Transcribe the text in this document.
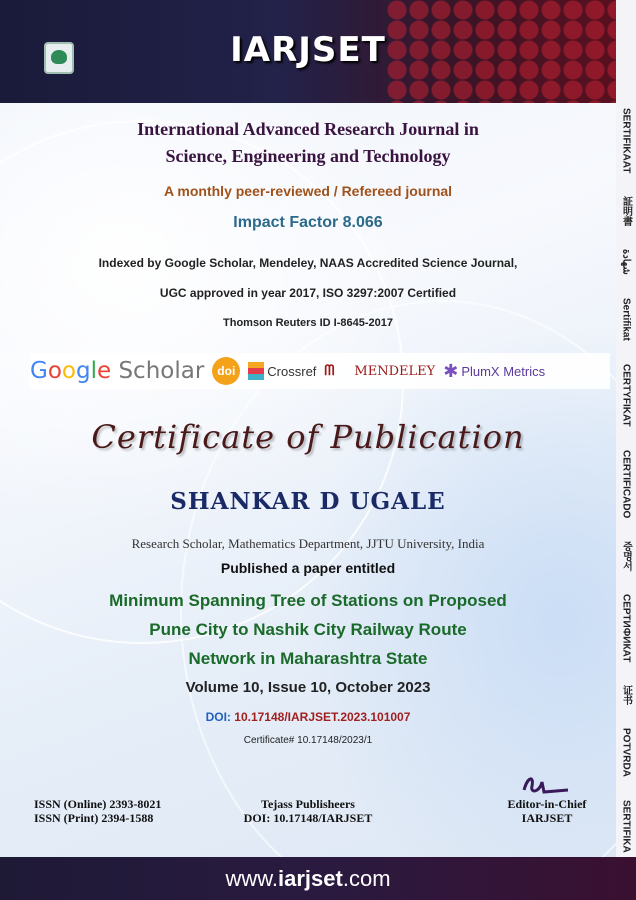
IARJSET
SERTIFIKAAT
証明書
شهادة
Sertifikat
CERTYFIKAT
CERTIFICADO
증명서
СЕРТИФИКАТ
证书
POTVRDA
SERTIFIKA
International Advanced Research Journal in
Science, Engineering and Technology
A monthly peer-reviewed / Refereed journal
Impact Factor 8.066
Indexed by Google Scholar, Mendeley, NAAS Accredited Science Journal,
UGC approved in year 2017, ISO 3297:2007 Certified
Thomson Reuters ID I-8645-2017
Google Scholar	doi	Crossref ᗰ	MENDELEY ✱ PlumX Metrics
Certificate of Publication
SHANKAR D UGALE
Research Scholar, Mathematics Department, JJTU University, India
Published a paper entitled
Minimum Spanning Tree of Stations on Proposed
Pune City to Nashik City Railway Route
Network in Maharashtra State
Volume 10, Issue 10, October 2023
DOI: 10.17148/IARJSET.2023.101007
Certificate# 10.17148/2023/1
ISSN (Online) 2393-8021
ISSN (Print) 2394-1588
Tejass Publisheers
DOI: 10.17148/IARJSET
Editor-in-Chief
IARJSET
www.iarjset.com
